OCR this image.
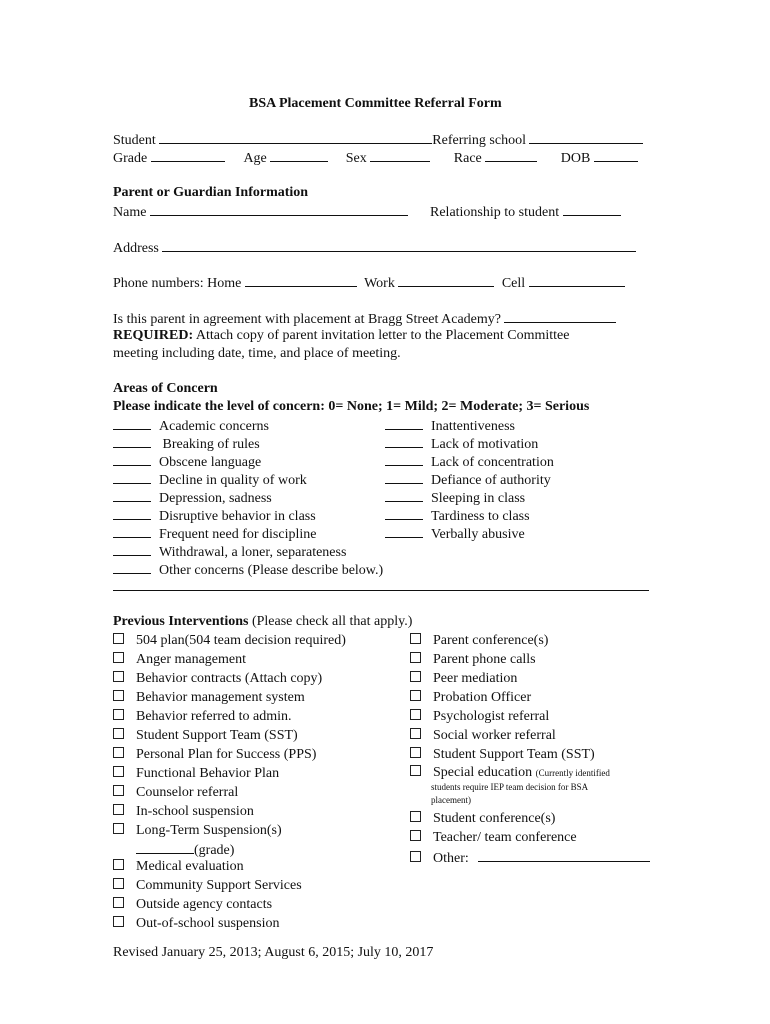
BSA Placement Committee Referral Form
Student	Referring school
Grade	Age	Sex	Race	DOB
Parent or Guardian Information
Name	Relationship to student
Address
Phone numbers: Home	Work	Cell
Is this parent in agreement with placement at Bragg Street Academy?
REQUIRED: Attach copy of parent invitation letter to the Placement Committee
meeting including date, time, and place of meeting.
Areas of Concern
Please indicate the level of concern: 0= None; 1= Mild; 2= Moderate; 3= Serious
Academic concerns
Breaking of rules
Obscene language
Decline in quality of work
Depression, sadness
Disruptive behavior in class
Frequent need for discipline
Withdrawal, a loner, separateness
Other concerns (Please describe below.)
Inattentiveness
Lack of motivation
Lack of concentration
Defiance of authority
Sleeping in class
Tardiness to class
Verbally abusive
Previous Interventions (Please check all that apply.)
504 plan(504 team decision required)
Anger management
Behavior contracts (Attach copy)
Behavior management system
Behavior referred to admin.
Student Support Team (SST)
Personal Plan for Success (PPS)
Functional Behavior Plan
Counselor referral
In-school suspension
Long-Term Suspension(s)
Medical evaluation
Community Support Services
Outside agency contacts
Out-of-school suspension
Parent conference(s)
Parent phone calls
Peer mediation
Probation Officer
Psychologist referral
Social worker referral
Student Support Team (SST)
(grade)
Special education (Currently identified
students require IEP team decision for BSA
placement)
Student conference(s)
Teacher/ team conference
Other:
Revised January 25, 2013; August 6, 2015; July 10, 2017
